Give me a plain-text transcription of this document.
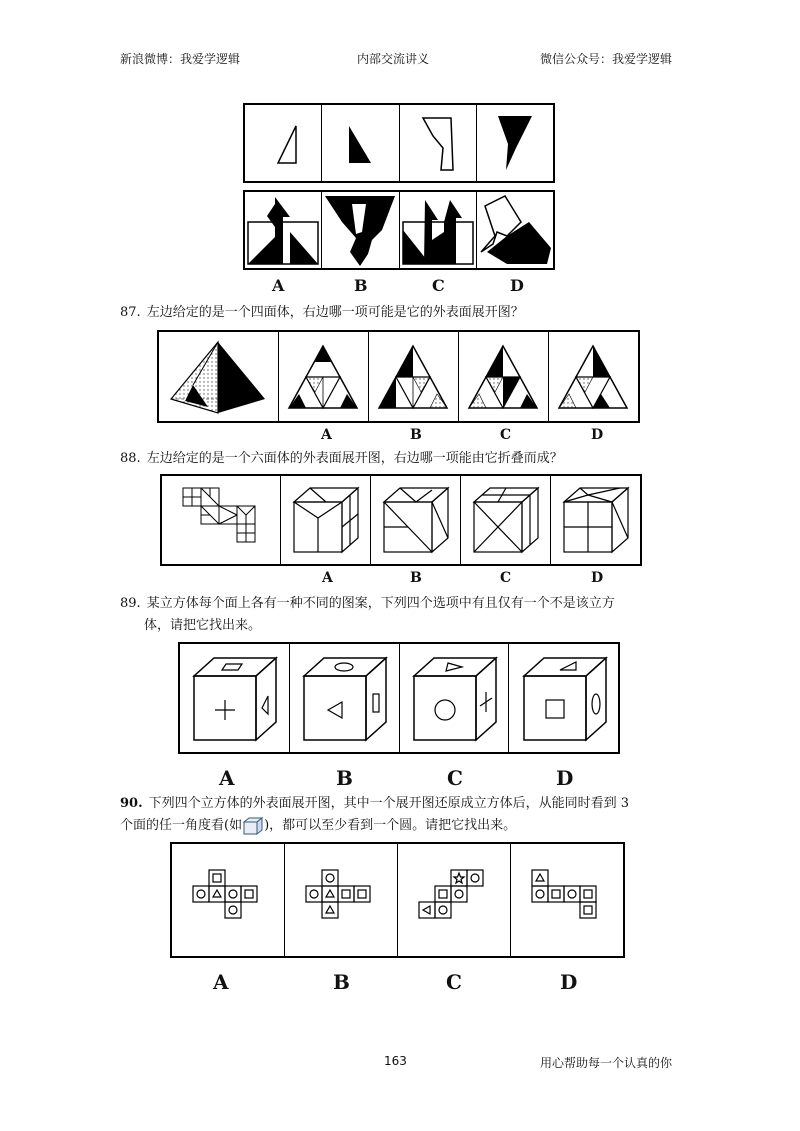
新浪微博：我爱学逻辑	内部交流讲义	微信公众号：我爱学逻辑
A	B	C	D
87. 左边给定的是一个四面体，右边哪一项可能是它的外表面展开图？
A	B	C	D
88. 左边给定的是一个六面体的外表面展开图，右边哪一项能由它折叠而成？
A	B	C	D
89. 某立方体每个面上各有一种不同的图案，下列四个选项中有且仅有一个不是该立方
体，请把它找出来。
A	B	C	D
90. 下列四个立方体的外表面展开图，其中一个展开图还原成立方体后，从能同时看到 3
个面的任一角度看(如 )，都可以至少看到一个圆。请把它找出来。
A	B	C	D
163	用心帮助每一个认真的你
